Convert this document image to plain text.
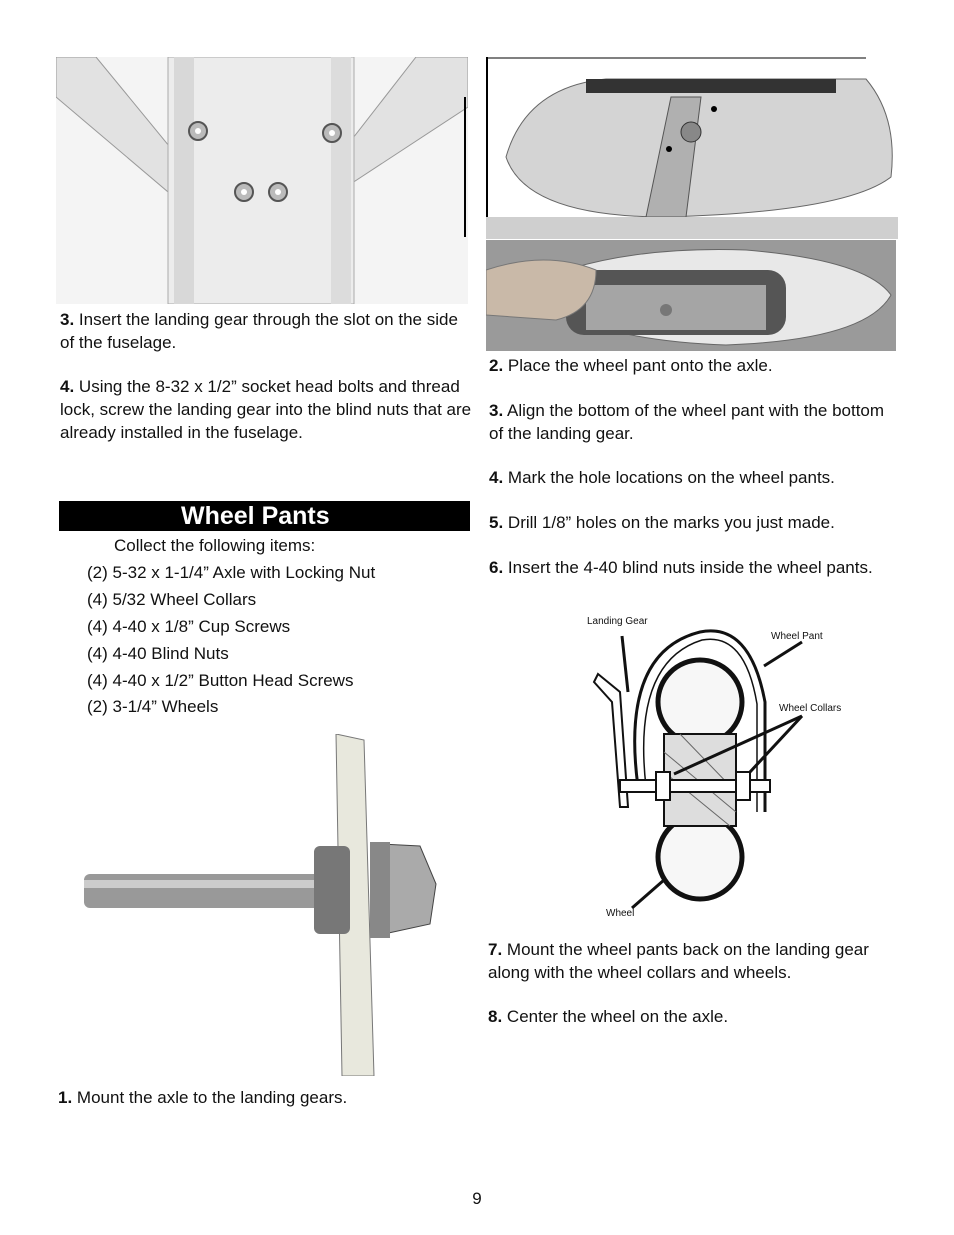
3. Insert the landing gear through the slot on the side of the fuselage.
4. Using the 8-32 x 1/2” socket head bolts and thread lock, screw the landing gear into the blind nuts that are already installed in the fuselage.
Wheel Pants
Collect the following items:
(2) 5-32 x 1-1/4” Axle with Locking Nut
(4) 5/32 Wheel Collars
(4) 4-40 x 1/8” Cup Screws
(4) 4-40 Blind Nuts
(4) 4-40 x 1/2” Button Head Screws
(2) 3-1/4” Wheels
1. Mount the axle to the landing gears.
2. Place the wheel pant onto the axle.
3. Align the bottom of the wheel pant with the bottom of the landing gear.
4. Mark the hole locations on the wheel pants.
5. Drill 1/8” holes on the marks you just made.
6. Insert the 4-40 blind nuts inside the wheel pants.
Landing Gear
Wheel Pant
Wheel Collars
Wheel
7. Mount the wheel pants back on the landing gear along with the wheel collars and wheels.
8. Center the wheel on the axle.
9
